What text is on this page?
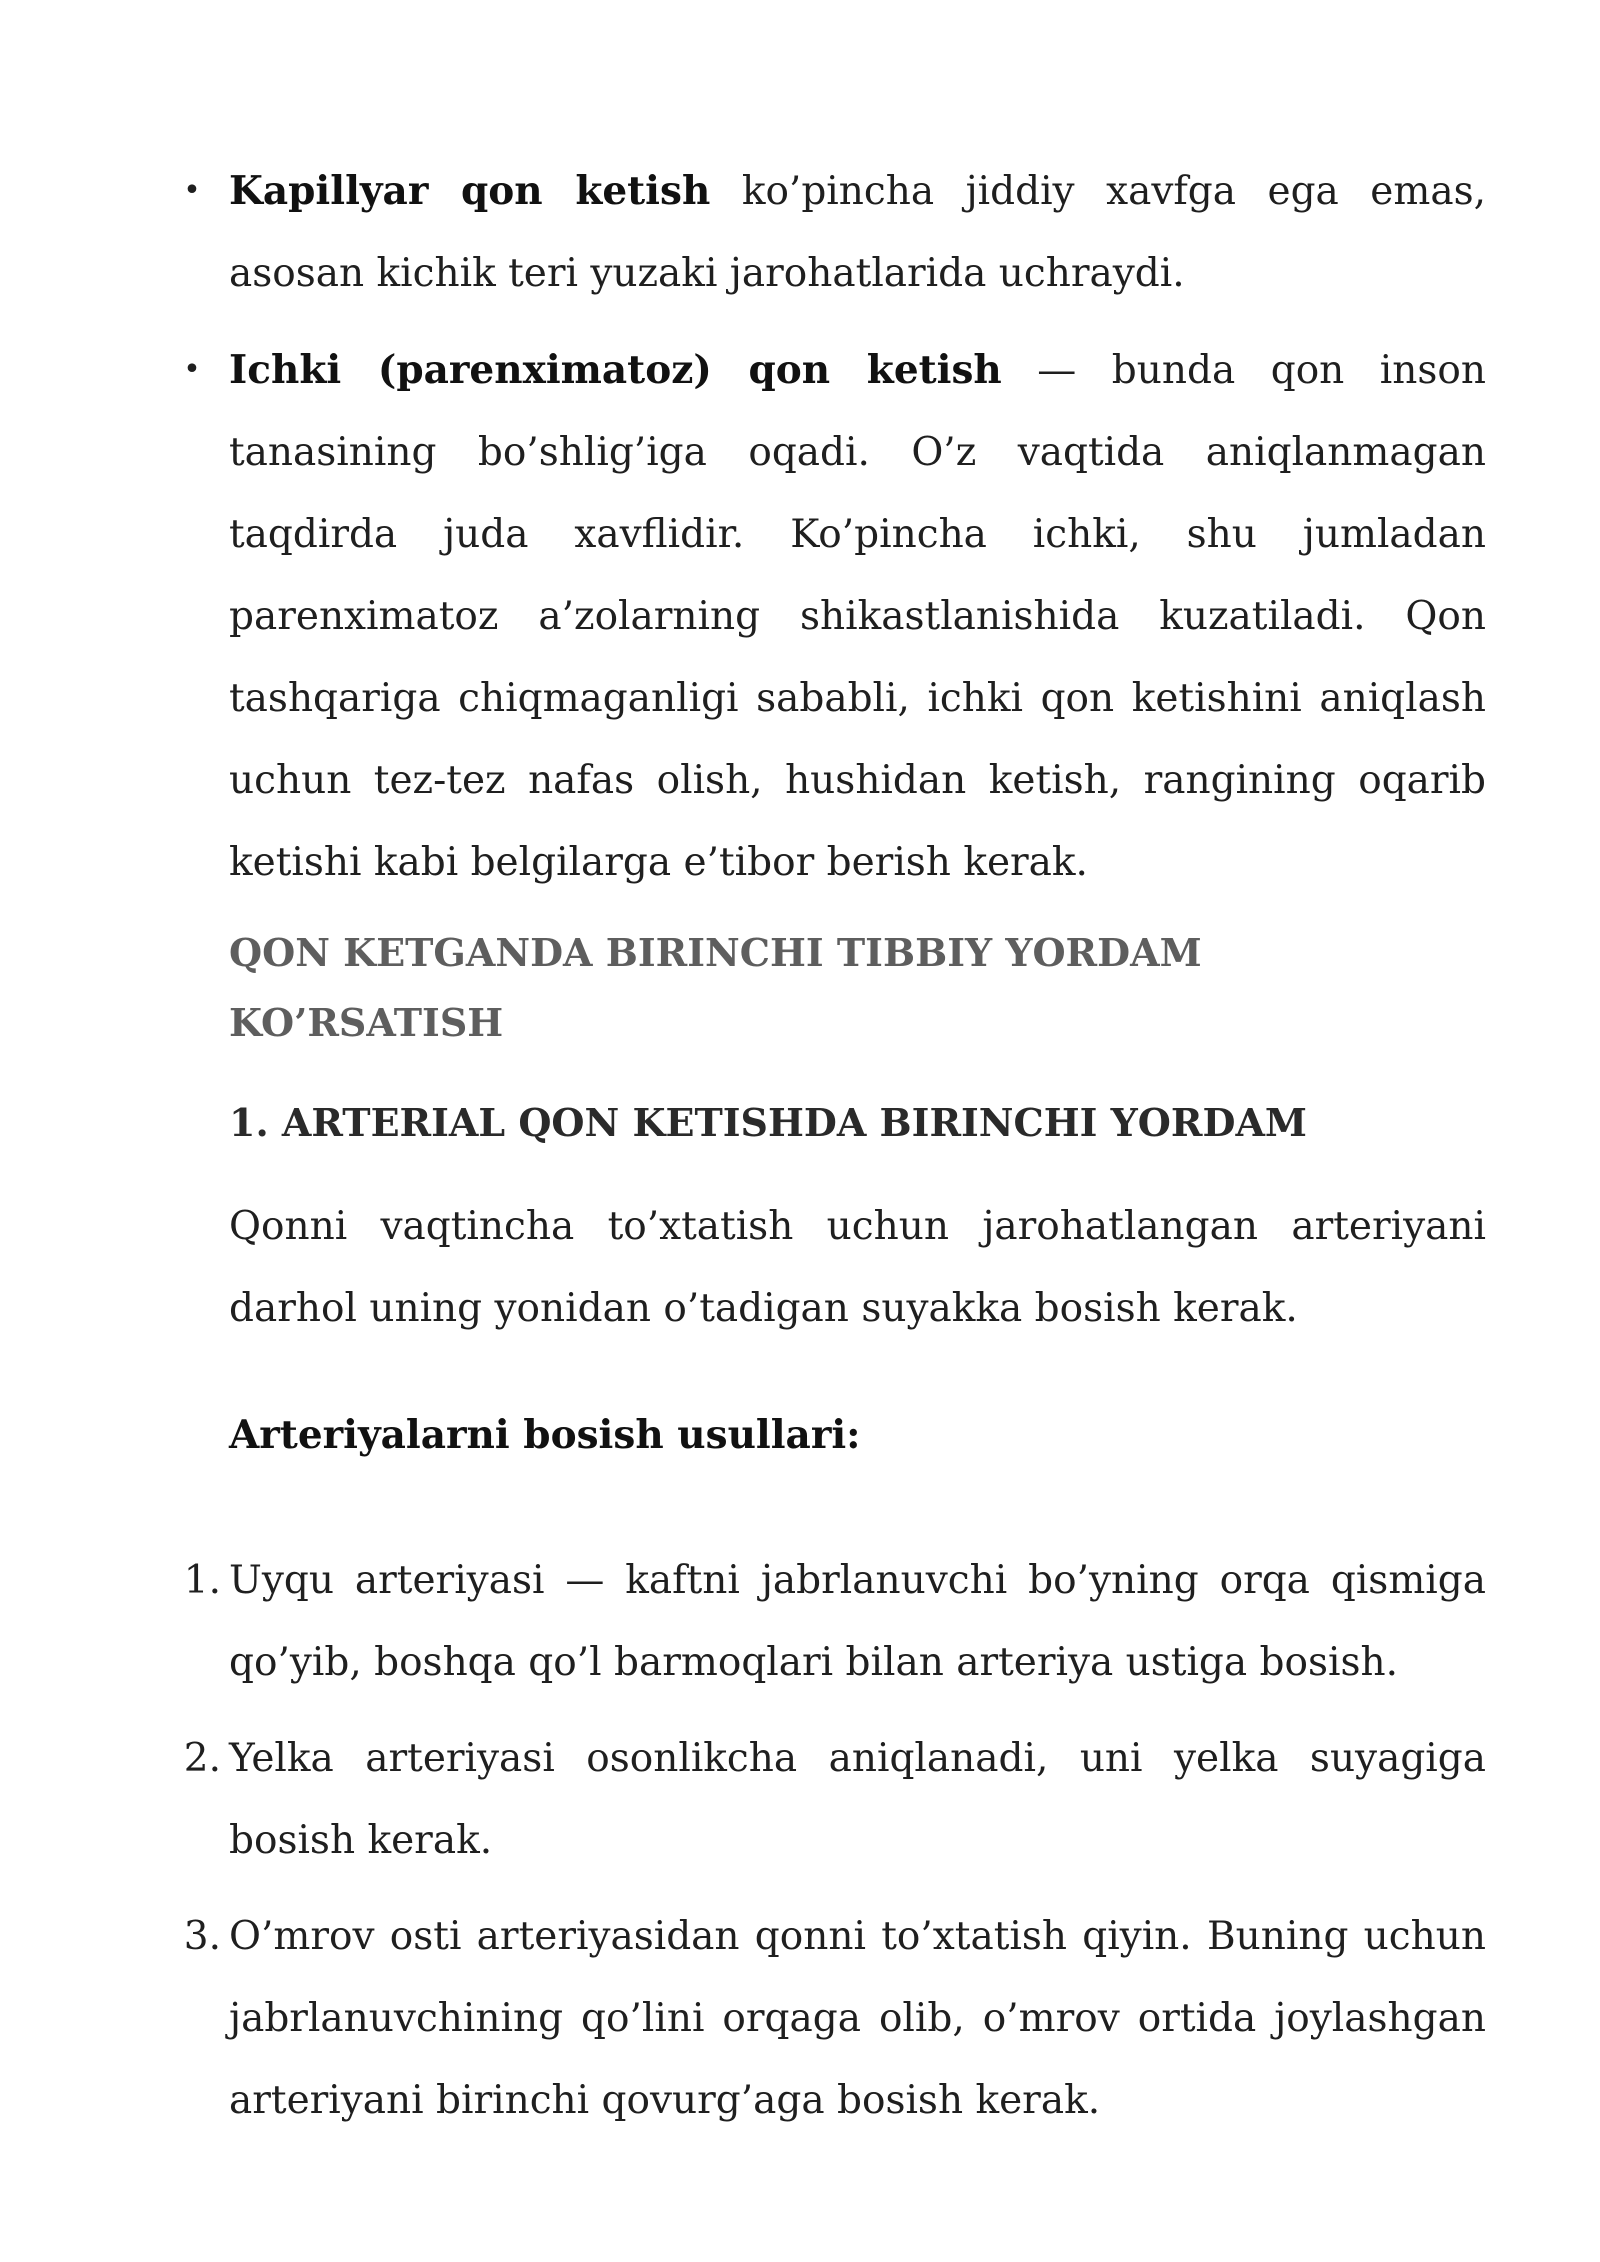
• Kapillyar qon ketish ko’pincha jiddiy xavfga ega emas, asosan kichik teri yuzaki jarohatlarida uchraydi.
• Ichki (parenximatoz) qon ketish — bunda qon inson tanasining bo’shlig’iga oqadi. O’z vaqtida aniqlanmagan taqdirda juda xavflidir. Ko’pincha ichki, shu jumladan parenximatoz a’zolarning shikastlanishida kuzatiladi. Qon tashqariga chiqmaganligi sababli, ichki qon ketishini aniqlash uchun tez-tez nafas olish, hushidan ketish, rangining oqarib ketishi kabi belgilarga e’tibor berish kerak.
QON KETGANDA BIRINCHI TIBBIY YORDAM KO’RSATISH
1. ARTERIAL QON KETISHDA BIRINCHI YORDAM
Qonni vaqtincha to’xtatish uchun jarohatlangan arteriyani darhol uning yonidan o’tadigan suyakka bosish kerak.
Arteriyalarni bosish usullari:
1. Uyqu arteriyasi — kaftni jabrlanuvchi bo’yning orqa qismiga qo’yib, boshqa qo’l barmoqlari bilan arteriya ustiga bosish.
2. Yelka arteriyasi osonlikcha aniqlanadi, uni yelka suyagiga bosish kerak.
3. O’mrov osti arteriyasidan qonni to’xtatish qiyin. Buning uchun jabrlanuvchining qo’lini orqaga olib, o’mrov ortida joylashgan arteriyani birinchi qovurg’aga bosish kerak.
